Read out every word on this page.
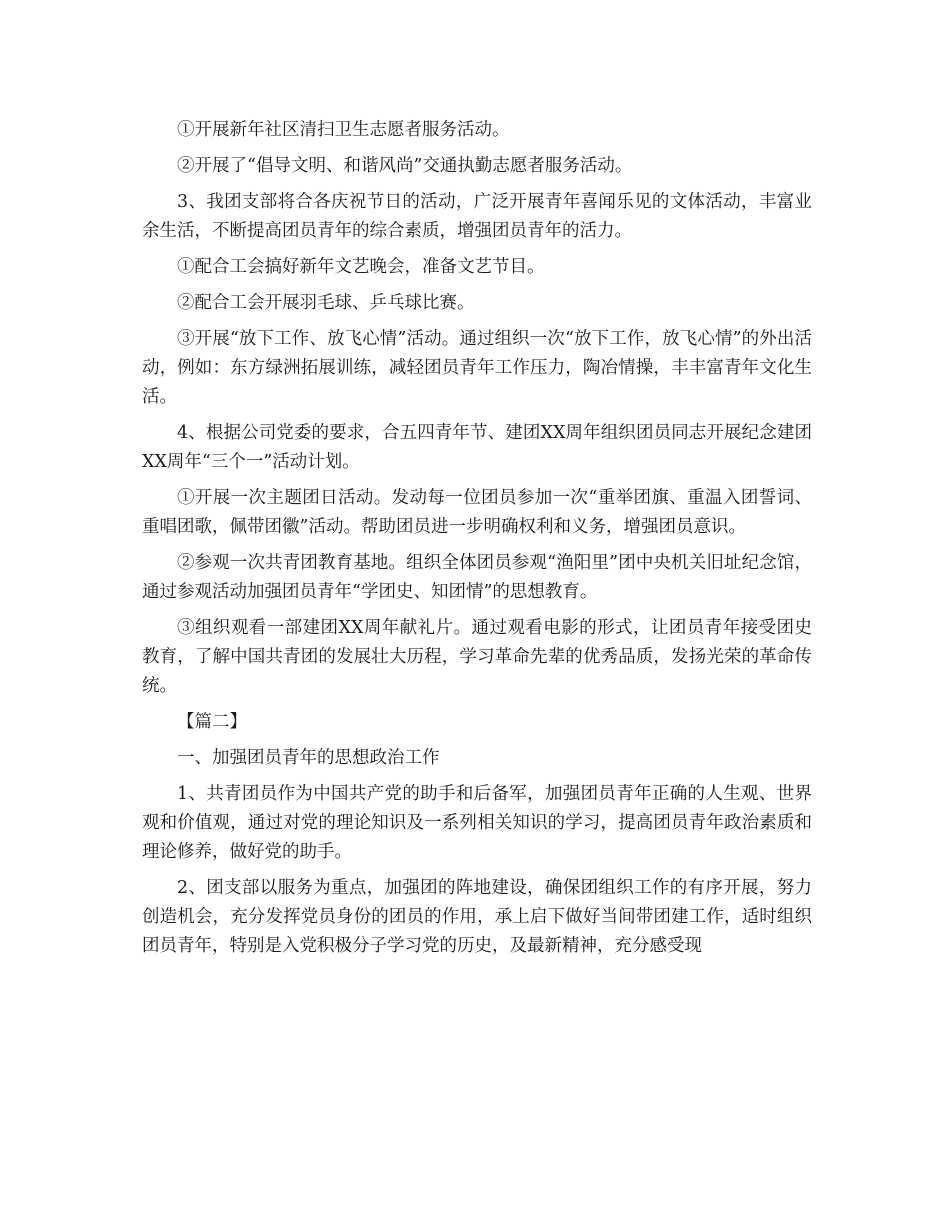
①开展新年社区清扫卫生志愿者服务活动。

②开展了“倡导文明、和谐风尚”交通执勤志愿者服务活动。

3、我团支部将合各庆祝节日的活动，广泛开展青年喜闻乐见的文体活动，丰富业余生活，不断提高团员青年的综合素质，增强团员青年的活力。

①配合工会搞好新年文艺晚会，准备文艺节目。

②配合工会开展羽毛球、乒乓球比赛。

③开展“放下工作、放飞心情”活动。通过组织一次“放下工作，放飞心情”的外出活动，例如：东方绿洲拓展训练，减轻团员青年工作压力，陶冶情操，丰丰富青年文化生活。

4、根据公司党委的要求，合五四青年节、建团XX周年组织团员同志开展纪念建团XX周年“三个一”活动计划。

①开展一次主题团日活动。发动每一位团员参加一次“重举团旗、重温入团誓词、重唱团歌，佩带团徽”活动。帮助团员进一步明确权利和义务，增强团员意识。

②参观一次共青团教育基地。组织全体团员参观“渔阳里”团中央机关旧址纪念馆，通过参观活动加强团员青年“学团史、知团情”的思想教育。

③组织观看一部建团XX周年献礼片。通过观看电影的形式，让团员青年接受团史教育，了解中国共青团的发展壮大历程，学习革命先辈的优秀品质，发扬光荣的革命传统。

【篇二】

一、加强团员青年的思想政治工作

1、共青团员作为中国共产党的助手和后备军，加强团员青年正确的人生观、世界观和价值观，通过对党的理论知识及一系列相关知识的学习，提高团员青年政治素质和理论修养，做好党的助手。

2、团支部以服务为重点，加强团的阵地建设，确保团组织工作的有序开展，努力创造机会，充分发挥党员身份的团员的作用，承上启下做好当间带团建工作，适时组织团员青年，特别是入党积极分子学习党的历史，及最新精神，充分感受现
